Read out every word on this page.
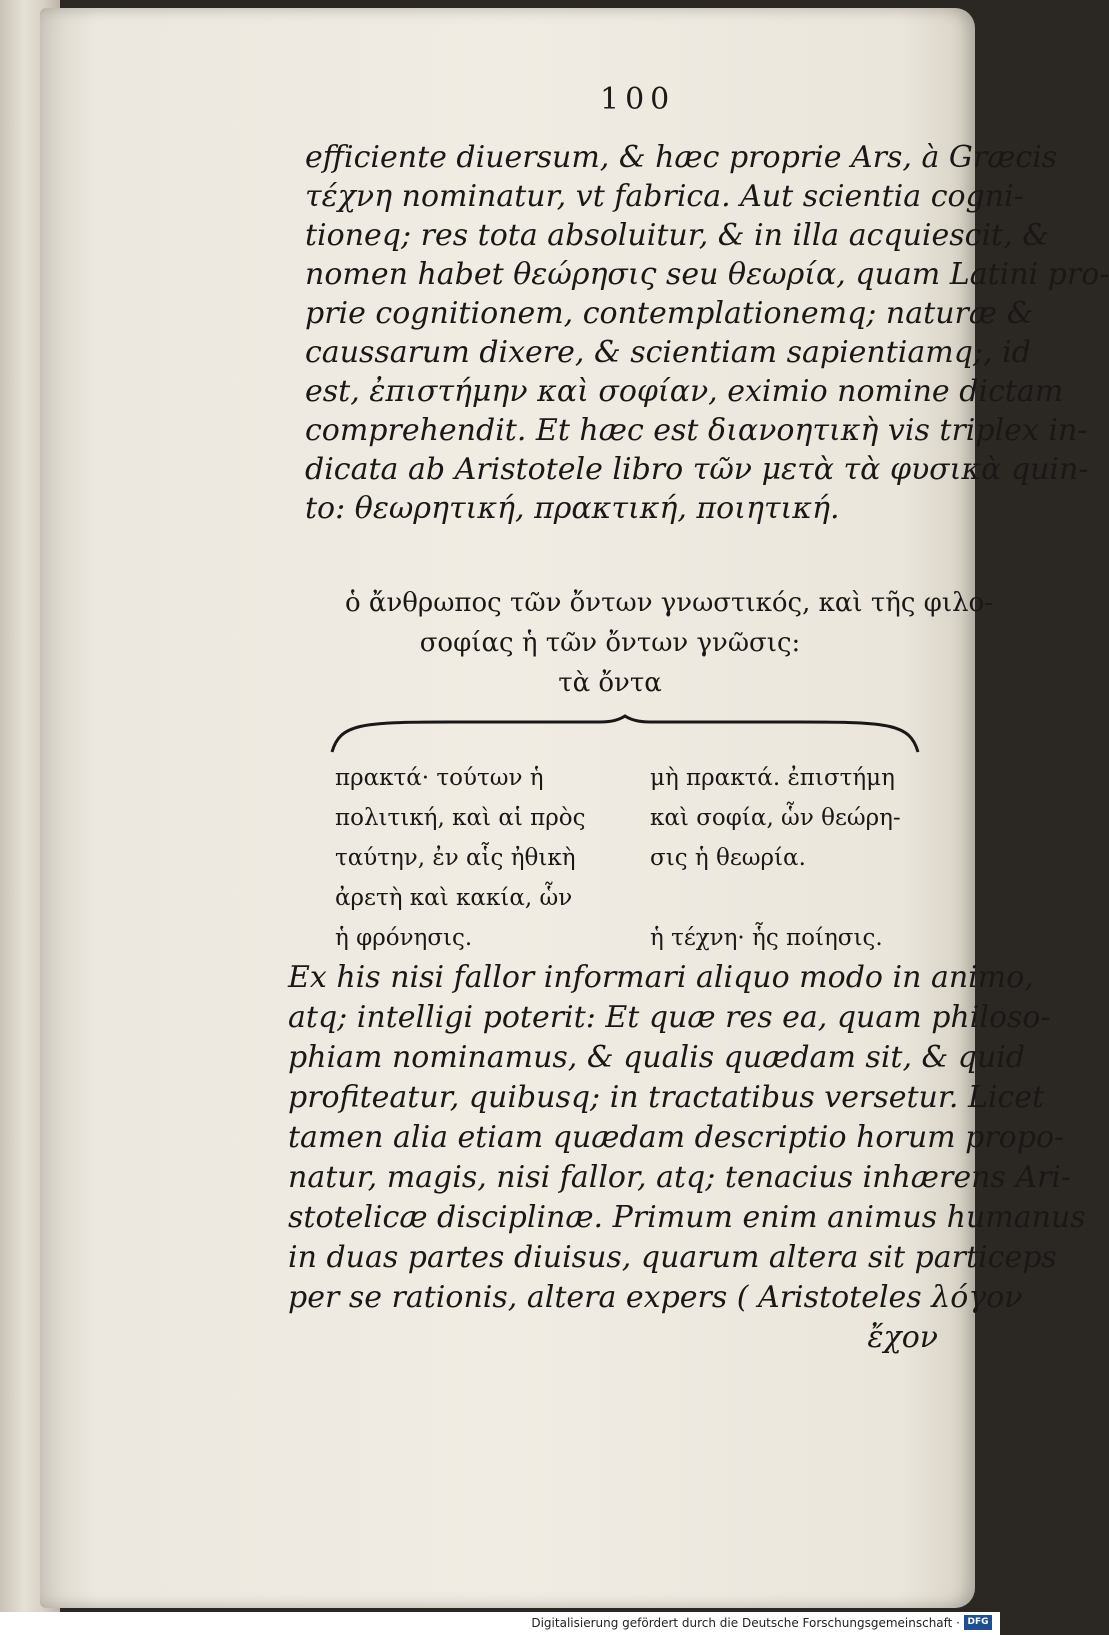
100
efficiente diuersum, & hæc proprie Ars, à Græcis
τέχνη nominatur, vt fabrica. Aut scientia cogni-
tioneq; res tota absoluitur, & in illa acquiescit, &
nomen habet θεώρησις seu θεωρία, quam Latini pro-
prie cognitionem, contemplationemq; naturæ &
caussarum dixere, & scientiam sapientiamq;, id
est, ἐπιστήμην καὶ σοφίαν, eximio nomine dictam
comprehendit. Et hæc est διανοητικὴ vis triplex in-
dicata ab Aristotele libro τῶν μετὰ τὰ φυσικὰ quin-
to: θεωρητική, πρακτική, ποιητική.
ὁ ἄνθρωπος τῶν ὄντων γνωστικός, καὶ τῆς φιλο-
σοφίας ἡ τῶν ὄντων γνῶσις:
τὰ ὄντα
πρακτά· τούτων ἡ
πολιτική, καὶ αἱ πρὸς
ταύτην, ἐν αἷς ἠθικὴ
ἀρετὴ καὶ κακία, ὧν
ἡ φρόνησις.
μὴ πρακτά. ἐπιστήμη
καὶ σοφία, ὧν θεώρη-
σις ἡ θεωρία.

ἡ τέχνη· ἧς ποίησις.
Ex his nisi fallor informari aliquo modo in animo,
atq; intelligi poterit: Et quæ res ea, quam philoso-
phiam nominamus, & qualis quædam sit, & quid
profiteatur, quibusq; in tractatibus versetur. Licet
tamen alia etiam quædam descriptio horum propo-
natur, magis, nisi fallor, atq; tenacius inhærens Ari-
stotelicæ disciplinæ. Primum enim animus humanus
in duas partes diuisus, quarum altera sit particeps
per se rationis, altera expers ( Aristoteles λόγον
ἔχον
Digitalisierung gefördert durch die Deutsche Forschungsgemeinschaft · DFG
